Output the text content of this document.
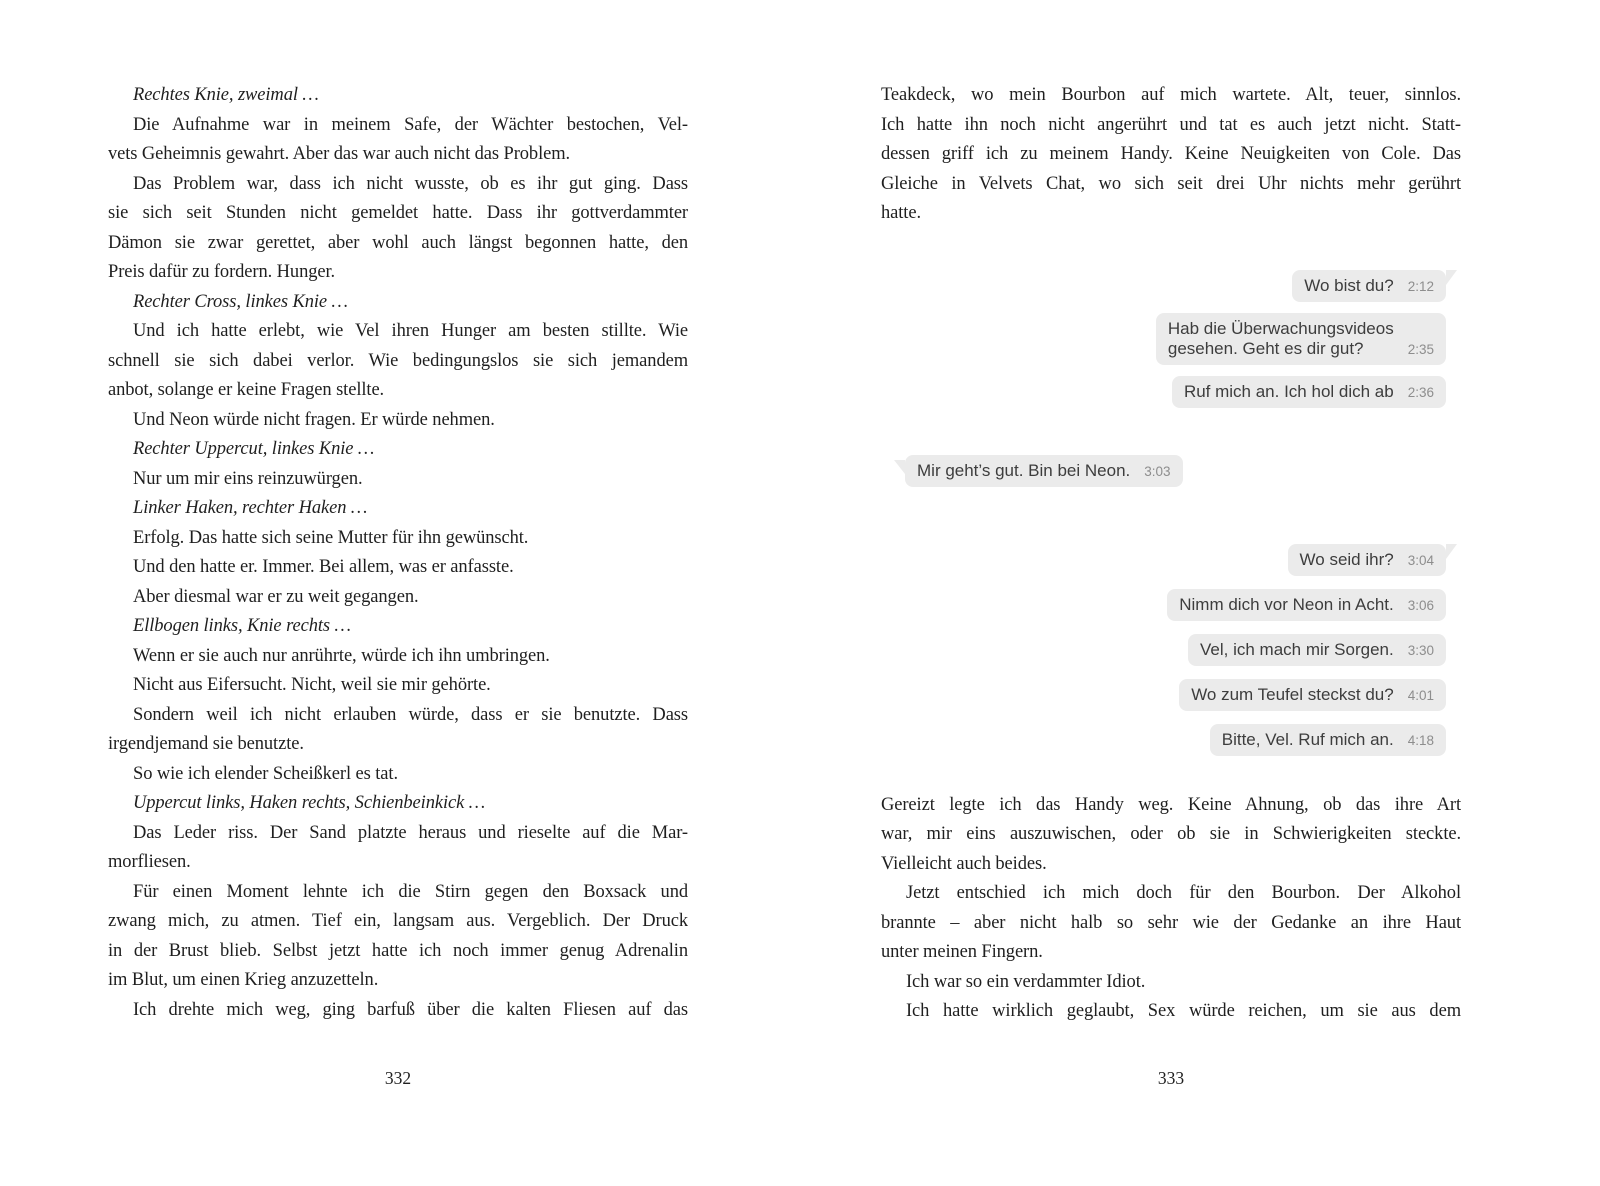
Rechtes Knie, zweimal …
Die Aufnahme war in meinem Safe, der Wächter bestochen, Vel-
vets Geheimnis gewahrt. Aber das war auch nicht das Problem.
Das Problem war, dass ich nicht wusste, ob es ihr gut ging. Dass
sie sich seit Stunden nicht gemeldet hatte. Dass ihr gottverdammter
Dämon sie zwar gerettet, aber wohl auch längst begonnen hatte, den
Preis dafür zu fordern. Hunger.
Rechter Cross, linkes Knie …
Und ich hatte erlebt, wie Vel ihren Hunger am besten stillte. Wie
schnell sie sich dabei verlor. Wie bedingungslos sie sich jemandem
anbot, solange er keine Fragen stellte.
Und Neon würde nicht fragen. Er würde nehmen.
Rechter Uppercut, linkes Knie …
Nur um mir eins reinzuwürgen.
Linker Haken, rechter Haken …
Erfolg. Das hatte sich seine Mutter für ihn gewünscht.
Und den hatte er. Immer. Bei allem, was er anfasste.
Aber diesmal war er zu weit gegangen.
Ellbogen links, Knie rechts …
Wenn er sie auch nur anrührte, würde ich ihn umbringen.
Nicht aus Eifersucht. Nicht, weil sie mir gehörte.
Sondern weil ich nicht erlauben würde, dass er sie benutzte. Dass
irgendjemand sie benutzte.
So wie ich elender Scheißkerl es tat.
Uppercut links, Haken rechts, Schienbeinkick …
Das Leder riss. Der Sand platzte heraus und rieselte auf die Mar-
morfliesen.
Für einen Moment lehnte ich die Stirn gegen den Boxsack und
zwang mich, zu atmen. Tief ein, langsam aus. Vergeblich. Der Druck
in der Brust blieb. Selbst jetzt hatte ich noch immer genug Adrenalin
im Blut, um einen Krieg anzuzetteln.
Ich drehte mich weg, ging barfuß über die kalten Fliesen auf das
Teakdeck, wo mein Bourbon auf mich wartete. Alt, teuer, sinnlos.
Ich hatte ihn noch nicht angerührt und tat es auch jetzt nicht. Statt-
dessen griff ich zu meinem Handy. Keine Neuigkeiten von Cole. Das
Gleiche in Velvets Chat, wo sich seit drei Uhr nichts mehr gerührt
hatte.
Wo bist du? 2:12
Hab die Überwachungsvideos
gesehen. Geht es dir gut?	2:35
Ruf mich an. Ich hol dich ab 2:36
Mir geht’s gut. Bin bei Neon. 3:03
Wo seid ihr? 3:04
Nimm dich vor Neon in Acht. 3:06
Vel, ich mach mir Sorgen. 3:30
Wo zum Teufel steckst du? 4:01
Bitte, Vel. Ruf mich an. 4:18
Gereizt legte ich das Handy weg. Keine Ahnung, ob das ihre Art
war, mir eins auszuwischen, oder ob sie in Schwierigkeiten steckte.
Vielleicht auch beides.
Jetzt entschied ich mich doch für den Bourbon. Der Alkohol
brannte – aber nicht halb so sehr wie der Gedanke an ihre Haut
unter meinen Fingern.
Ich war so ein verdammter Idiot.
Ich hatte wirklich geglaubt, Sex würde reichen, um sie aus dem
332	333
